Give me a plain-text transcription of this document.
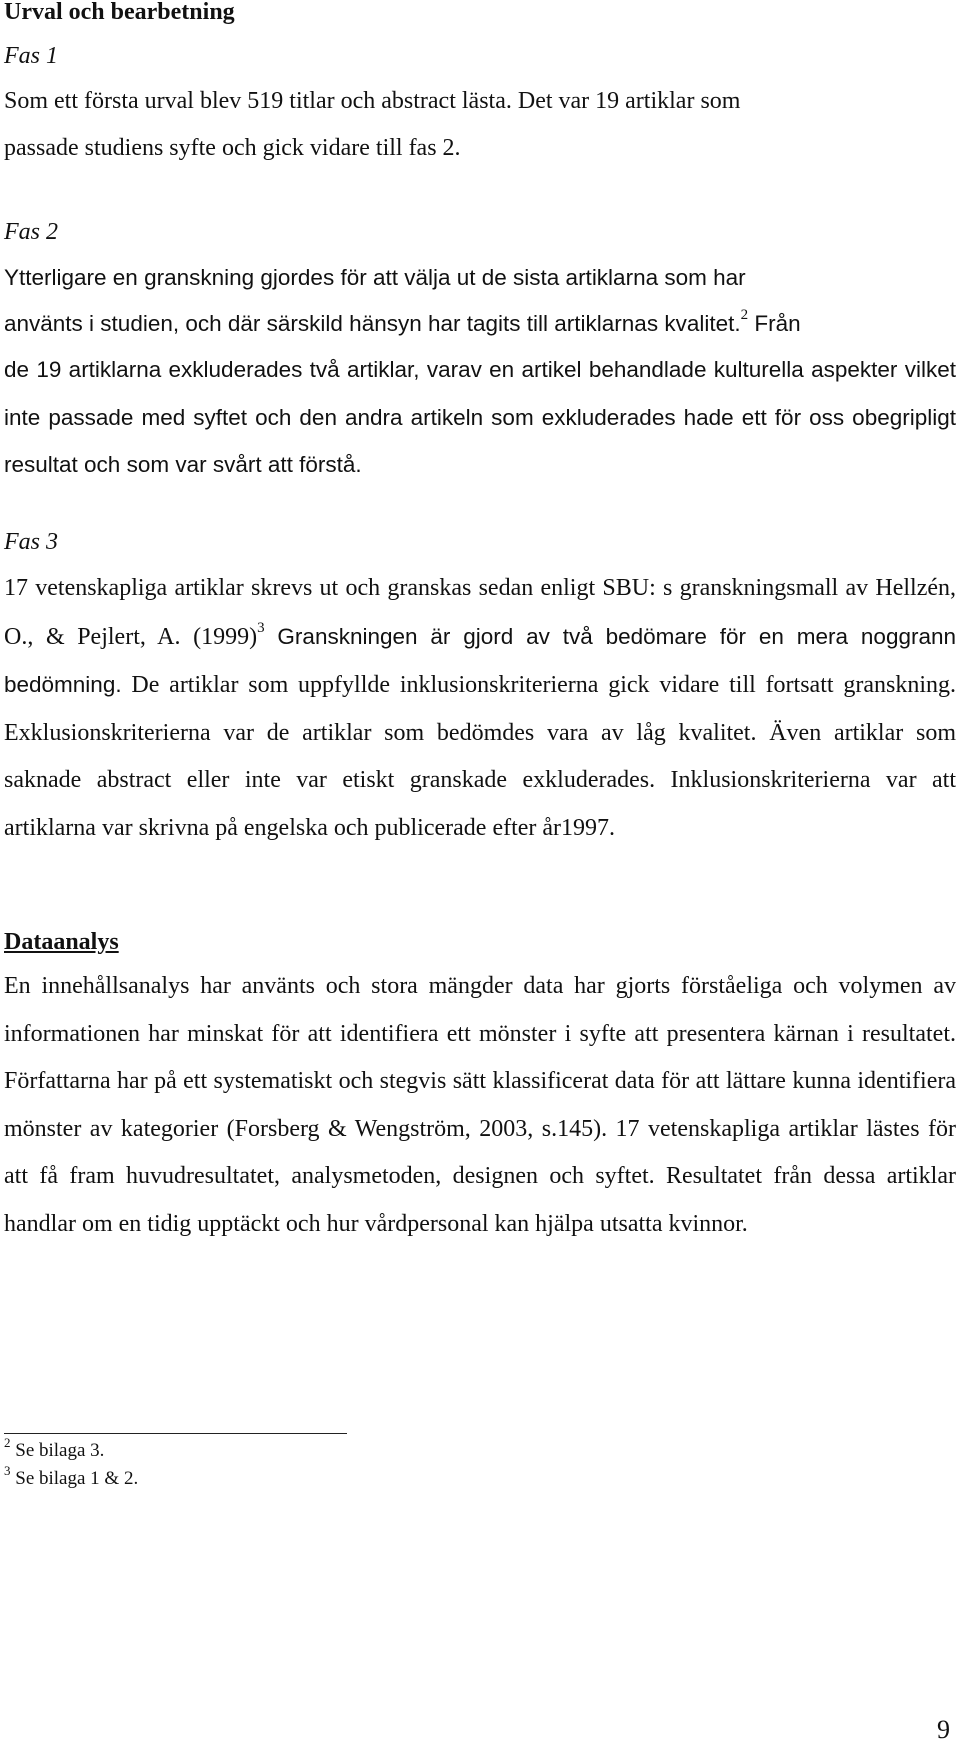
Urval och bearbetning

Fas 1

Som ett första urval blev 519 titlar och abstract lästa. Det var 19 artiklar som

passade studiens syfte och gick vidare till fas 2.

Fas 2

Ytterligare en granskning gjordes för att välja ut de sista artiklarna som har

använts i studien, och där särskild hänsyn har tagits till artiklarnas kvalitet.$^2$ Från

de 19 artiklarna exkluderades två artiklar, varav en artikel behandlade kulturella aspekter vilket inte passade med syftet och den andra artikeln som exkluderades hade ett för oss obegripligt resultat och som var svårt att förstå.

Fas 3

17 vetenskapliga artiklar skrevs ut och granskas sedan enligt SBU: s granskningsmall av Hellzén, O., & Pejlert, A. $(1999)^3$ Granskningen är gjord av två bedömare för en mera noggrann bedömning. De artiklar som uppfyllde inklusionskriterierna gick vidare till fortsatt granskning. Exklusionskriterierna var de artiklar som bedömdes vara av låg kvalitet. Även artiklar som saknade abstract eller inte var etiskt granskade exkluderades. Inklusionskriterierna var att artiklarna var skrivna på engelska och publicerade efter år1997.

Dataanalys

En innehållsanalys har använts och stora mängder data har gjorts förståeliga och volymen av informationen har minskat för att identifiera ett mönster i syfte att presentera kärnan i resultatet. Författarna har på ett systematiskt och stegvis sätt klassificerat data för att lättare kunna identifiera mönster av kategorier (Forsberg & Wengström, 2003, s.145). 17 vetenskapliga artiklar lästes för att få fram huvudresultatet, analysmetoden, designen och syftet. Resultatet från dessa artiklar handlar om en tidig upptäckt och hur vårdpersonal kan hjälpa utsatta kvinnor.

$^2$ Se bilaga 3.

$^3$ Se bilaga 1 & 2.

9
